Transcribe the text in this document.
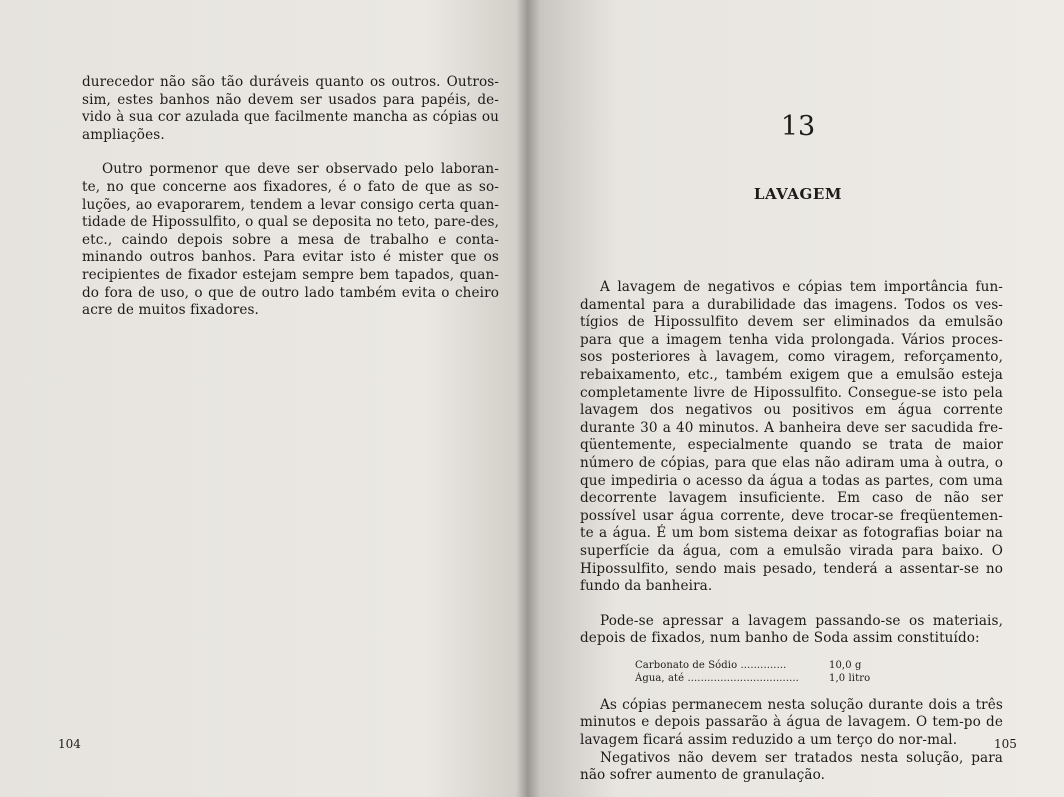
durecedor não são tão duráveis quanto os outros. Outros-sim, estes banhos não devem ser usados para papéis, de-vido à sua cor azulada que facilmente mancha as cópias ou ampliações.

Outro pormenor que deve ser observado pelo laboran-te, no que concerne aos fixadores, é o fato de que as so-luções, ao evaporarem, tendem a levar consigo certa quan-tidade de Hipossulfito, o qual se deposita no teto, pare-des, etc., caindo depois sobre a mesa de trabalho e conta-minando outros banhos. Para evitar isto é mister que os recipientes de fixador estejam sempre bem tapados, quan-do fora de uso, o que de outro lado também evita o cheiro acre de muitos fixadores.

104
13
LAVAGEM

A lavagem de negativos e cópias tem importância fun-damental para a durabilidade das imagens. Todos os ves-tígios de Hipossulfito devem ser eliminados da emulsão para que a imagem tenha vida prolongada. Vários proces-sos posteriores à lavagem, como viragem, reforçamento, rebaixamento, etc., também exigem que a emulsão esteja completamente livre de Hipossulfito. Consegue-se isto pela lavagem dos negativos ou positivos em água corrente durante 30 a 40 minutos. A banheira deve ser sacudida fre-qüentemente, especialmente quando se trata de maior número de cópias, para que elas não adiram uma à outra, o que impediria o acesso da água a todas as partes, com uma decorrente lavagem insuficiente. Em caso de não ser possível usar água corrente, deve trocar-se freqüentemen-te a água. É um bom sistema deixar as fotografias boiar na superfície da água, com a emulsão virada para baixo. O Hipossulfito, sendo mais pesado, tenderá a assentar-se no fundo da banheira.

Pode-se apressar a lavagem passando-se os materiais, depois de fixados, num banho de Soda assim constituído:

Carbonato de Sódio ..............	10,0 g
Água, até ..................................	1,0 litro

As cópias permanecem nesta solução durante dois a três minutos e depois passarão à água de lavagem. O tem-po de lavagem ficará assim reduzido a um terço do nor-mal.

Negativos não devem ser tratados nesta solução, para não sofrer aumento de granulação.

105
